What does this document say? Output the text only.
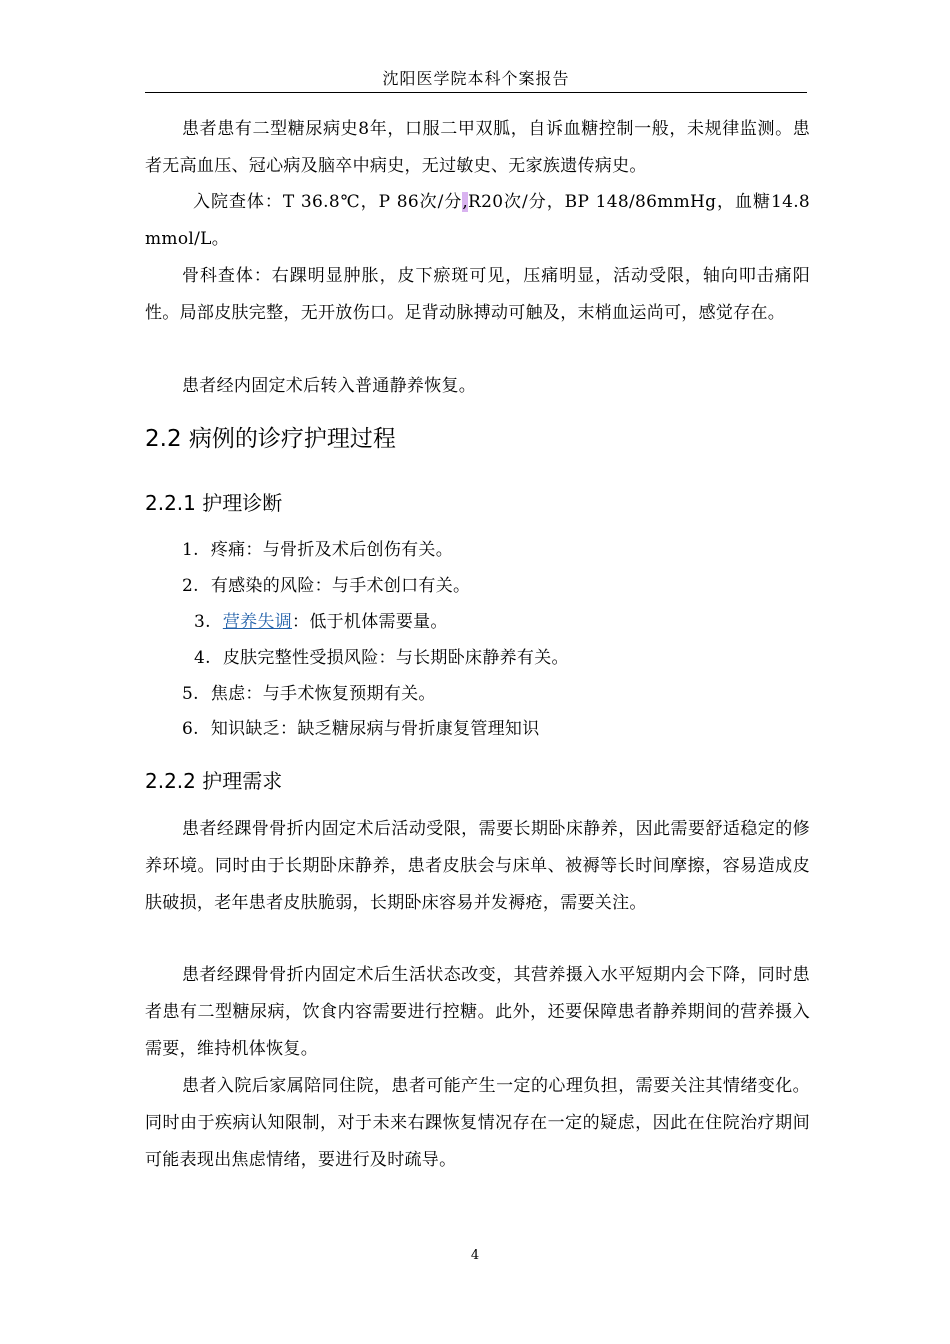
沈阳医学院本科个案报告

患者患有二型糖尿病史8年，口服二甲双胍，自诉血糖控制一般，未规律监测。患者无高血压、冠心病及脑卒中病史，无过敏史、无家族遗传病史。

入院查体：T 36.8℃，P 86次/分,R20次/分，BP 148/86mmHg，血糖14.8 mmol/L。

骨科查体：右踝明显肿胀，皮下瘀斑可见，压痛明显，活动受限，轴向叩击痛阳性。局部皮肤完整，无开放伤口。足背动脉搏动可触及，末梢血运尚可，感觉存在。

患者经内固定术后转入普通静养恢复。

2.2 病例的诊疗护理过程
2.2.1 护理诊断

1. 疼痛：与骨折及术后创伤有关。

2. 有感染的风险：与手术创口有关。

3. 营养失调：低于机体需要量。

4. 皮肤完整性受损风险：与长期卧床静养有关。

5. 焦虑：与手术恢复预期有关。

6. 知识缺乏：缺乏糖尿病与骨折康复管理知识

2.2.2 护理需求

患者经踝骨骨折内固定术后活动受限，需要长期卧床静养，因此需要舒适稳定的修养环境。同时由于长期卧床静养，患者皮肤会与床单、被褥等长时间摩擦，容易造成皮肤破损，老年患者皮肤脆弱，长期卧床容易并发褥疮，需要关注。

患者经踝骨骨折内固定术后生活状态改变，其营养摄入水平短期内会下降，同时患者患有二型糖尿病，饮食内容需要进行控糖。此外，还要保障患者静养期间的营养摄入需要，维持机体恢复。

患者入院后家属陪同住院，患者可能产生一定的心理负担，需要关注其情绪变化。同时由于疾病认知限制，对于未来右踝恢复情况存在一定的疑虑，因此在住院治疗期间可能表现出焦虑情绪，要进行及时疏导。

4
